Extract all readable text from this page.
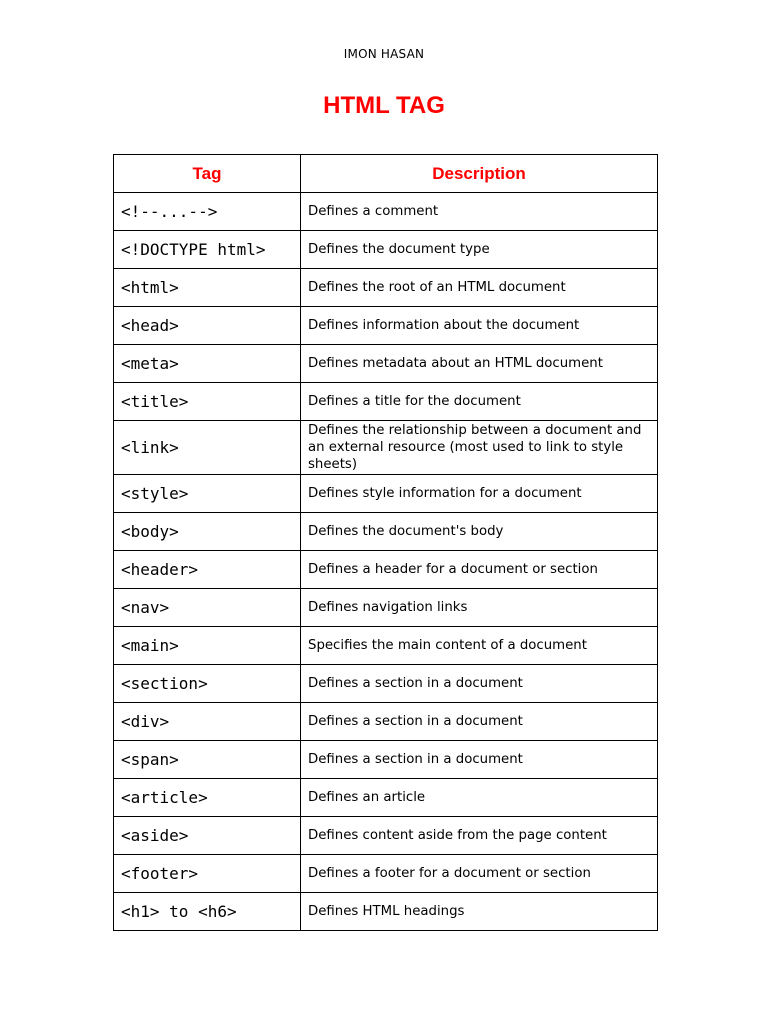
IMON HASAN
HTML TAG
Tag	Description
<!--...-->	Defines a comment
<!DOCTYPE html>	Defines the document type
<html>	Defines the root of an HTML document
<head>	Defines information about the document
<meta>	Defines metadata about an HTML document
<title>	Defines a title for the document
<link>	Defines the relationship between a document and an external resource (most used to link to style sheets)
<style>	Defines style information for a document
<body>	Defines the document's body
<header>	Defines a header for a document or section
<nav>	Defines navigation links
<main>	Specifies the main content of a document
<section>	Defines a section in a document
<div>	Defines a section in a document
<span>	Defines a section in a document
<article>	Defines an article
<aside>	Defines content aside from the page content
<footer>	Defines a footer for a document or section
<h1> to <h6>	Defines HTML headings
